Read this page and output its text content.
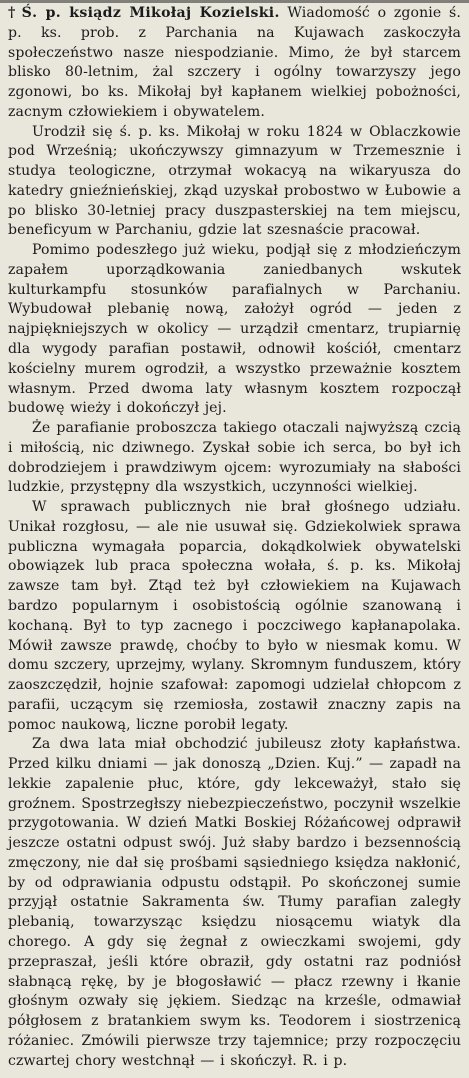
† Ś. p. ksiądz Mikołaj Kozielski. Wiadomość o zgonie ś. p. ks. prob. z Parchania na Kujawach zaskoczyła społeczeństwo nasze niespodzianie. Mimo, że był starcem blisko 80-letnim, żal szczery i ogólny towarzyszy jego zgonowi, bo ks. Mikołaj był kapłanem wielkiej pobożności, zacnym człowiekiem i obywatelem.

Urodził się ś. p. ks. Mikołaj w roku 1824 w Oblaczkowie pod Wrześnią; ukończywszy gimnazyum w Trzemesznie i studya teologiczne, otrzymał wokacyą na wikaryusza do katedry gnieźnieńskiej, zkąd uzyskał probostwo w Łubowie a po blisko 30-letniej pracy duszpasterskiej na tem miejscu, beneficyum w Parchaniu, gdzie lat szesnaście pracował.

Pomimo podeszłego już wieku, podjął się z młodzieńczym zapałem uporządkowania zaniedbanych wskutek kulturkampfu stosunków parafialnych w Parchaniu. Wybudował plebanię nową, założył ogród — jeden z najpiękniejszych w okolicy — urządził cmentarz, trupiarnię dla wygody parafian postawił, odnowił kościół, cmentarz kościelny murem ogrodził, a wszystko przeważnie kosztem własnym. Przed dwoma laty własnym kosztem rozpoczął budowę wieży i dokończył jej.

Że parafianie proboszcza takiego otaczali najwyższą czcią i miłością, nic dziwnego. Zyskał sobie ich serca, bo był ich dobrodziejem i prawdziwym ojcem: wyrozumiały na słabości ludzkie, przystępny dla wszystkich, uczynności wielkiej.

W sprawach publicznych nie brał głośnego udziału. Unikał rozgłosu, — ale nie usuwał się. Gdziekolwiek sprawa publiczna wymagała poparcia, dokądkolwiek obywatelski obowiązek lub praca społeczna wołała, ś. p. ks. Mikołaj zawsze tam był. Ztąd też był człowiekiem na Kujawach bardzo popularnym i osobistością ogólnie szanowaną i kochaną. Był to typ zacnego i poczciwego kapłanapolaka. Mówił zawsze prawdę, choćby to było w niesmak komu. W domu szczery, uprzejmy, wylany. Skromnym funduszem, który zaoszczędził, hojnie szafował: zapomogi udzielał chłopcom z parafii, uczącym się rzemiosła, zostawił znaczny zapis na pomoc naukową, liczne porobił legaty.

Za dwa lata miał obchodzić jubileusz złoty kapłaństwa. Przed kilku dniami — jak donoszą „Dzien. Kuj.” — zapadł na lekkie zapalenie płuc, które, gdy lekceważył, stało się groźnem. Spostrzegłszy niebezpieczeństwo, poczynił wszelkie przygotowania. W dzień Matki Boskiej Różańcowej odprawił jeszcze ostatni odpust swój. Już słaby bardzo i bezsennością zmęczony, nie dał się prośbami sąsiedniego księdza nakłonić, by od odprawiania odpustu odstąpił. Po skończonej sumie przyjął ostatnie Sakramenta św. Tłumy parafian zaległy plebanią, towarzysząc księdzu niosącemu wiatyk dla chorego. A gdy się żegnał z owieczkami swojemi, gdy przepraszał, jeśli które obraził, gdy ostatni raz podniósł słabnącą rękę, by je błogosławić — płacz rzewny i łkanie głośnym ozwały się jękiem. Siedząc na krześle, odmawiał półgłosem z bratankiem swym ks. Teodorem i siostrzenicą różaniec. Zmówili pierwsze trzy tajemnice; przy rozpoczęciu czwartej chory westchnął — i skończył. R. i p.
